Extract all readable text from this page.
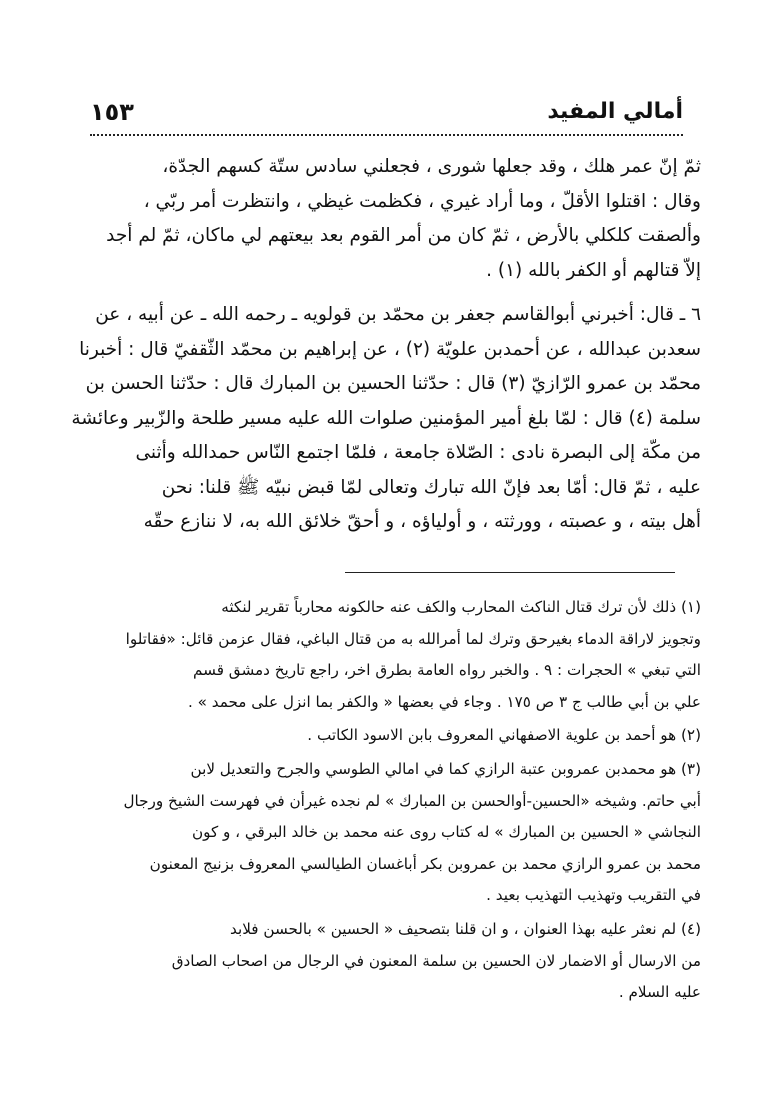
أمالي المفيد
١٥٣

ثمّ إنّ عمر هلك ، وقد جعلها شورى ، فجعلني سادس ستّة كسهم الجدّة،

وقال : اقتلوا الأقلّ ، وما أراد غيري ، فكظمت غيظي ، وانتظرت أمر ربّي ،

وألصقت كلكلي بالأرض ، ثمّ كان من أمر القوم بعد بيعتهم لي ماكان، ثمّ لم أجد

إلاّ قتالهم أو الكفر بالله (١) .

٦ ـ قال: أخبرني أبوالقاسم جعفر بن محمّد بن قولويه ـ رحمه الله ـ عن أبيه ، عن

سعدبن عبدالله ، عن أحمدبن علويّة (٢) ، عن إبراهيم بن محمّد الثّقفيّ قال : أخبرنا

محمّد بن عمرو الرّازيّ (٣) قال : حدّثنا الحسين بن المبارك قال : حدّثنا الحسن بن

سلمة (٤) قال : لمّا بلغ أمير المؤمنين صلوات الله عليه مسير طلحة والزّبير وعائشة

من مكّة إلى البصرة نادى : الصّلاة جامعة ، فلمّا اجتمع النّاس حمدالله وأثنى

عليه ، ثمّ قال: أمّا بعد فإنّ الله تبارك وتعالى لمّا قبض نبيّه ﷺ قلنا: نحن

أهل بيته ، و عصبته ، وورثته ، و أولياؤه ، و أحقّ خلائق الله به، لا ننازع حقّه

(١) ذلك لأن ترك قتال الناكث المحارب والكف عنه حالكونه محارباً تقرير لنكثه

وتجويز لاراقة الدماء بغيرحق وترك لما أمرالله به من قتال الباغي، فقال عزمن قائل: «فقاتلوا

التي تبغي » الحجرات : ٩ . والخبر رواه العامة بطرق اخر، راجع تاريخ دمشق قسم

علي بن أبي طالب ج ٣ ص ١٧٥ . وجاء في بعضها « والكفر بما انزل على محمد » .

(٢) هو أحمد بن علوية الاصفهاني المعروف بابن الاسود الكاتب .

(٣) هو محمدبن عمروبن عتبة الرازي كما في امالي الطوسي والجرح والتعديل لابن

أبي حاتم. وشيخه «الحسين-أوالحسن بن المبارك » لم نجده غيرأن في فهرست الشيخ ورجال

النجاشي « الحسين بن المبارك » له كتاب روى عنه محمد بن خالد البرقي ، و كون

محمد بن عمرو الرازي محمد بن عمروبن بكر أباغسان الطيالسي المعروف بزنيج المعنون

في التقريب وتهذيب التهذيب بعيد .

(٤) لم نعثر عليه بهذا العنوان ، و ان قلنا بتصحيف « الحسين » بالحسن فلابد

من الارسال أو الاضمار لان الحسين بن سلمة المعنون في الرجال من اصحاب الصادق

عليه السلام .
